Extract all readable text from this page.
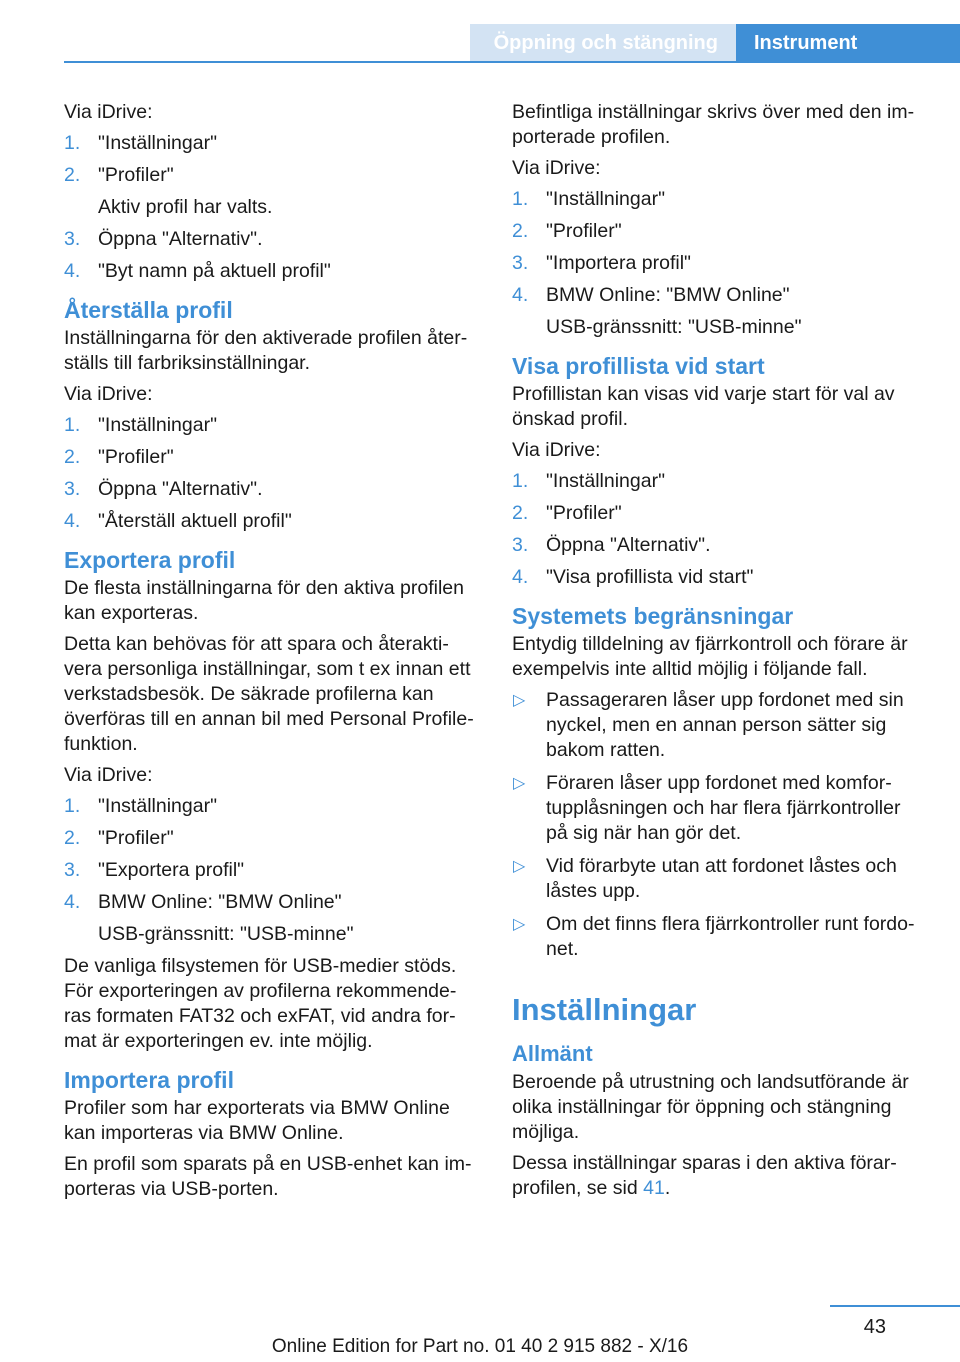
Öppning och stängning	Instrument

Via iDrive:

1. "Inställningar"
2. "Profiler"
Aktiv profil har valts.
3. Öppna "Alternativ".
4. "Byt namn på aktuell profil"
Återställa profil

Inställningarna för den aktiverade profilen återställs till farbriksinställningar.

Via iDrive:

1. "Inställningar"
2. "Profiler"
3. Öppna "Alternativ".
4. "Återställ aktuell profil"
Exportera profil

De flesta inställningarna för den aktiva profilen kan exporteras.

Detta kan behövas för att spara och återaktivera personliga inställningar, som t ex innan ett verkstadsbesök. De säkrade profilerna kan överföras till en annan bil med Personal Profile-funktion.

Via iDrive:

1. "Inställningar"
2. "Profiler"
3. "Exportera profil"
4. BMW Online: "BMW Online"
USB-gränssnitt: "USB-minne"

De vanliga filsystemen för USB-medier stöds. För exporteringen av profilerna rekommenderas formaten FAT32 och exFAT, vid andra format är exporteringen ev. inte möjlig.

Importera profil

Profiler som har exporterats via BMW Online kan importeras via BMW Online.

En profil som sparats på en USB-enhet kan importeras via USB-porten.

Befintliga inställningar skrivs över med den importerade profilen.

Via iDrive:

1. "Inställningar"
2. "Profiler"
3. "Importera profil"
4. BMW Online: "BMW Online"
USB-gränssnitt: "USB-minne"
Visa profillista vid start

Profillistan kan visas vid varje start för val av önskad profil.

Via iDrive:

1. "Inställningar"
2. "Profiler"
3. Öppna "Alternativ".
4. "Visa profillista vid start"
Systemets begränsningar

Entydig tilldelning av fjärrkontroll och förare är exempelvis inte alltid möjlig i följande fall.

▷ Passageraren låser upp fordonet med sin nyckel, men en annan person sätter sig bakom ratten.
▷ Föraren låser upp fordonet med komfortupplåsningen och har flera fjärrkontroller på sig när han gör det.
▷ Vid förarbyte utan att fordonet låstes och låstes upp.
▷ Om det finns flera fjärrkontroller runt fordonet.
Inställningar
Allmänt

Beroende på utrustning och landsutförande är olika inställningar för öppning och stängning möjliga.

Dessa inställningar sparas i den aktiva förarprofilen, se sid 41.

43
Online Edition for Part no. 01 40 2 915 882 - X/16
